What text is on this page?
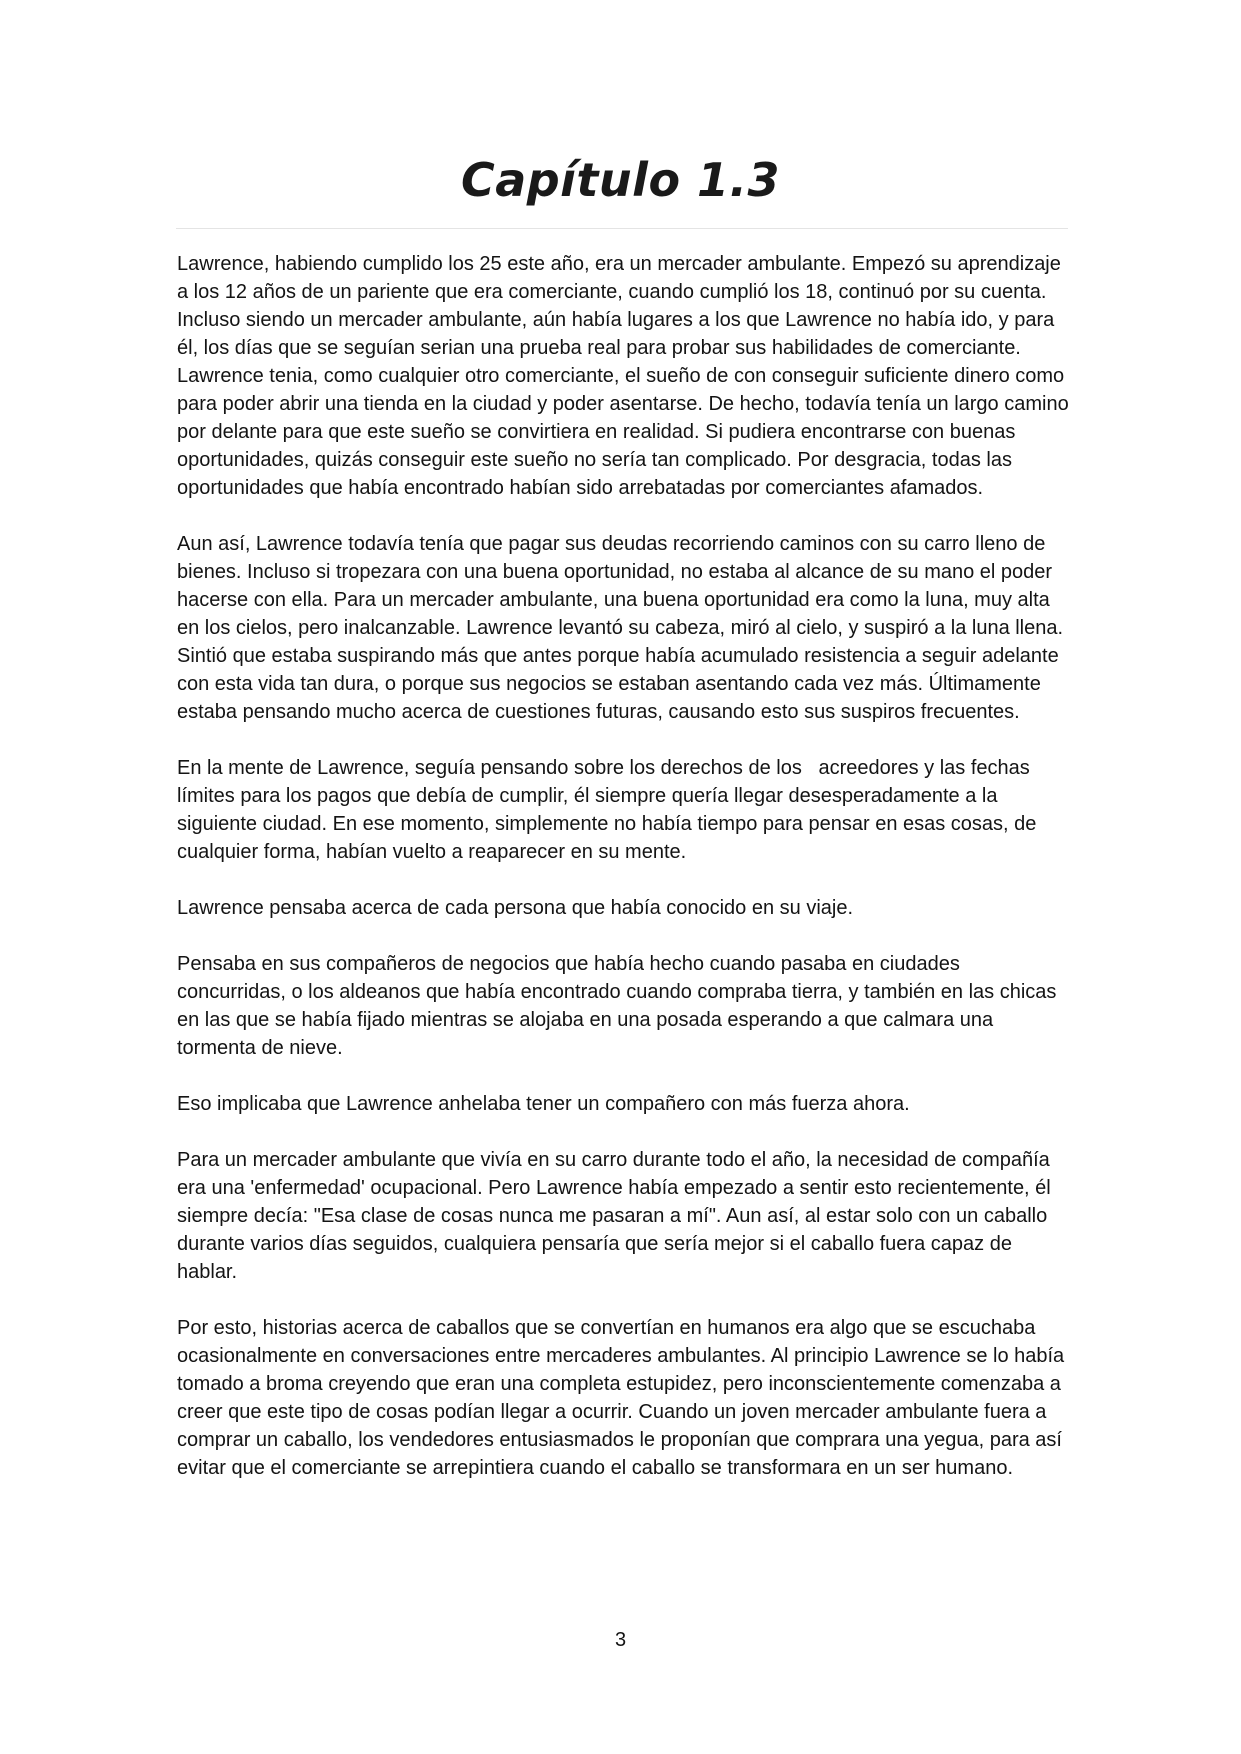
Capítulo 1.3

Lawrence, habiendo cumplido los 25 este año, era un mercader ambulante. Empezó su aprendizaje a los 12 años de un pariente que era comerciante, cuando cumplió los 18, continuó por su cuenta. Incluso siendo un mercader ambulante, aún había lugares a los que Lawrence no había ido, y para él, los días que se seguían serian una prueba real para probar sus habilidades de comerciante. Lawrence tenia, como cualquier otro comerciante, el sueño de con conseguir suficiente dinero como para poder abrir una tienda en la ciudad y poder asentarse. De hecho, todavía tenía un largo camino por delante para que este sueño se convirtiera en realidad. Si pudiera encontrarse con buenas oportunidades, quizás conseguir este sueño no sería tan complicado. Por desgracia, todas las oportunidades que había encontrado habían sido arrebatadas por comerciantes afamados.

Aun así, Lawrence todavía tenía que pagar sus deudas recorriendo caminos con su carro lleno de bienes. Incluso si tropezara con una buena oportunidad, no estaba al alcance de su mano el poder hacerse con ella. Para un mercader ambulante, una buena oportunidad era como la luna, muy alta en los cielos, pero inalcanzable. Lawrence levantó su cabeza, miró al cielo, y suspiró a la luna llena. Sintió que estaba suspirando más que antes porque había acumulado resistencia a seguir adelante con esta vida tan dura, o porque sus negocios se estaban asentando cada vez más. Últimamente estaba pensando mucho acerca de cuestiones futuras, causando esto sus suspiros frecuentes.

En la mente de Lawrence, seguía pensando sobre los derechos de los   acreedores y las fechas límites para los pagos que debía de cumplir, él siempre quería llegar desesperadamente a la siguiente ciudad. En ese momento, simplemente no había tiempo para pensar en esas cosas, de cualquier forma, habían vuelto a reaparecer en su mente.

Lawrence pensaba acerca de cada persona que había conocido en su viaje.

Pensaba en sus compañeros de negocios que había hecho cuando pasaba en ciudades concurridas, o los aldeanos que había encontrado cuando compraba tierra, y también en las chicas en las que se había fijado mientras se alojaba en una posada esperando a que calmara una tormenta de nieve.

Eso implicaba que Lawrence anhelaba tener un compañero con más fuerza ahora.

Para un mercader ambulante que vivía en su carro durante todo el año, la necesidad de compañía era una 'enfermedad' ocupacional. Pero Lawrence había empezado a sentir esto recientemente, él siempre decía: "Esa clase de cosas nunca me pasaran a mí". Aun así, al estar solo con un caballo durante varios días seguidos, cualquiera pensaría que sería mejor si el caballo fuera capaz de hablar.

Por esto, historias acerca de caballos que se convertían en humanos era algo que se escuchaba ocasionalmente en conversaciones entre mercaderes ambulantes. Al principio Lawrence se lo había tomado a broma creyendo que eran una completa estupidez, pero inconscientemente comenzaba a creer que este tipo de cosas podían llegar a ocurrir. Cuando un joven mercader ambulante fuera a comprar un caballo, los vendedores entusiasmados le proponían que comprara una yegua, para así evitar que el comerciante se arrepintiera cuando el caballo se transformara en un ser humano.

3
